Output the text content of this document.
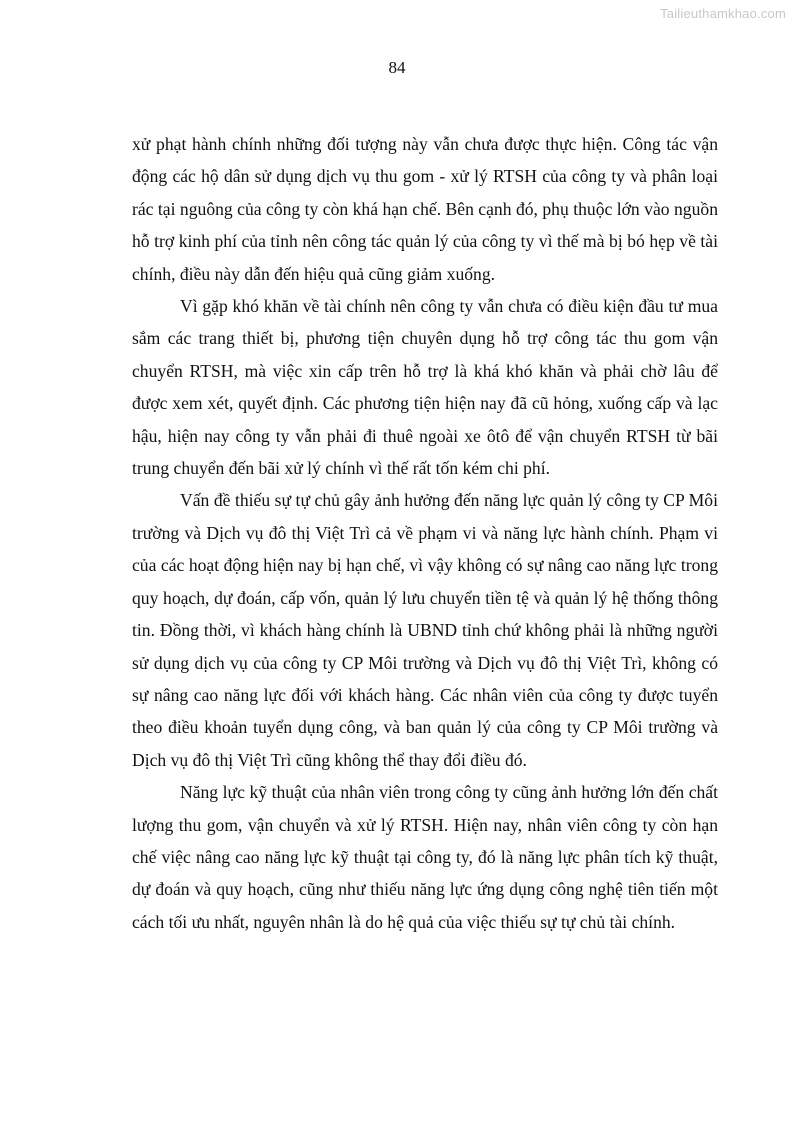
Tailieuthamkhao.com
84

xử phạt hành chính những đối tượng này vẫn chưa được thực hiện. Công tác vận động các hộ dân sử dụng dịch vụ thu gom - xử lý RTSH của công ty và phân loại rác tại nguông của công ty còn khá hạn chế. Bên cạnh đó, phụ thuộc lớn vào nguồn hỗ trợ kinh phí của tỉnh nên công tác quản lý của công ty vì thế mà bị bó hẹp về tài chính, điều này dẫn đến hiệu quả cũng giảm xuống.

Vì gặp khó khăn về tài chính nên công ty vẫn chưa có điều kiện đầu tư mua sắm các trang thiết bị, phương tiện chuyên dụng hỗ trợ công tác thu gom vận chuyển RTSH, mà việc xin cấp trên hỗ trợ là khá khó khăn và phải chờ lâu để được xem xét, quyết định. Các phương tiện hiện nay đã cũ hỏng, xuống cấp và lạc hậu, hiện nay công ty vẫn phải đi thuê ngoài xe ôtô để vận chuyển RTSH từ bãi trung chuyển đến bãi xử lý chính vì thế rất tốn kém chi phí.

Vấn đề thiếu sự tự chủ gây ảnh hưởng đến năng lực quản lý công ty CP Môi trường và Dịch vụ đô thị Việt Trì cả về phạm vi và năng lực hành chính. Phạm vi của các hoạt động hiện nay bị hạn chế, vì vậy không có sự nâng cao năng lực trong quy hoạch, dự đoán, cấp vốn, quản lý lưu chuyển tiền tệ và quản lý hệ thống thông tin. Đồng thời, vì khách hàng chính là UBND tỉnh chứ không phải là những người sử dụng dịch vụ của công ty CP Môi trường và Dịch vụ đô thị Việt Trì, không có sự nâng cao năng lực đối với khách hàng. Các nhân viên của công ty được tuyển theo điều khoản tuyển dụng công, và ban quản lý của công ty CP Môi trường và Dịch vụ đô thị Việt Trì cũng không thể thay đổi điều đó.

Năng lực kỹ thuật của nhân viên trong công ty cũng ảnh hưởng lớn đến chất lượng thu gom, vận chuyển và xử lý RTSH. Hiện nay, nhân viên công ty còn hạn chế việc nâng cao năng lực kỹ thuật tại công ty, đó là năng lực phân tích kỹ thuật, dự đoán và quy hoạch, cũng như thiếu năng lực ứng dụng công nghệ tiên tiến một cách tối ưu nhất, nguyên nhân là do hệ quả của việc thiếu sự tự chủ tài chính.
